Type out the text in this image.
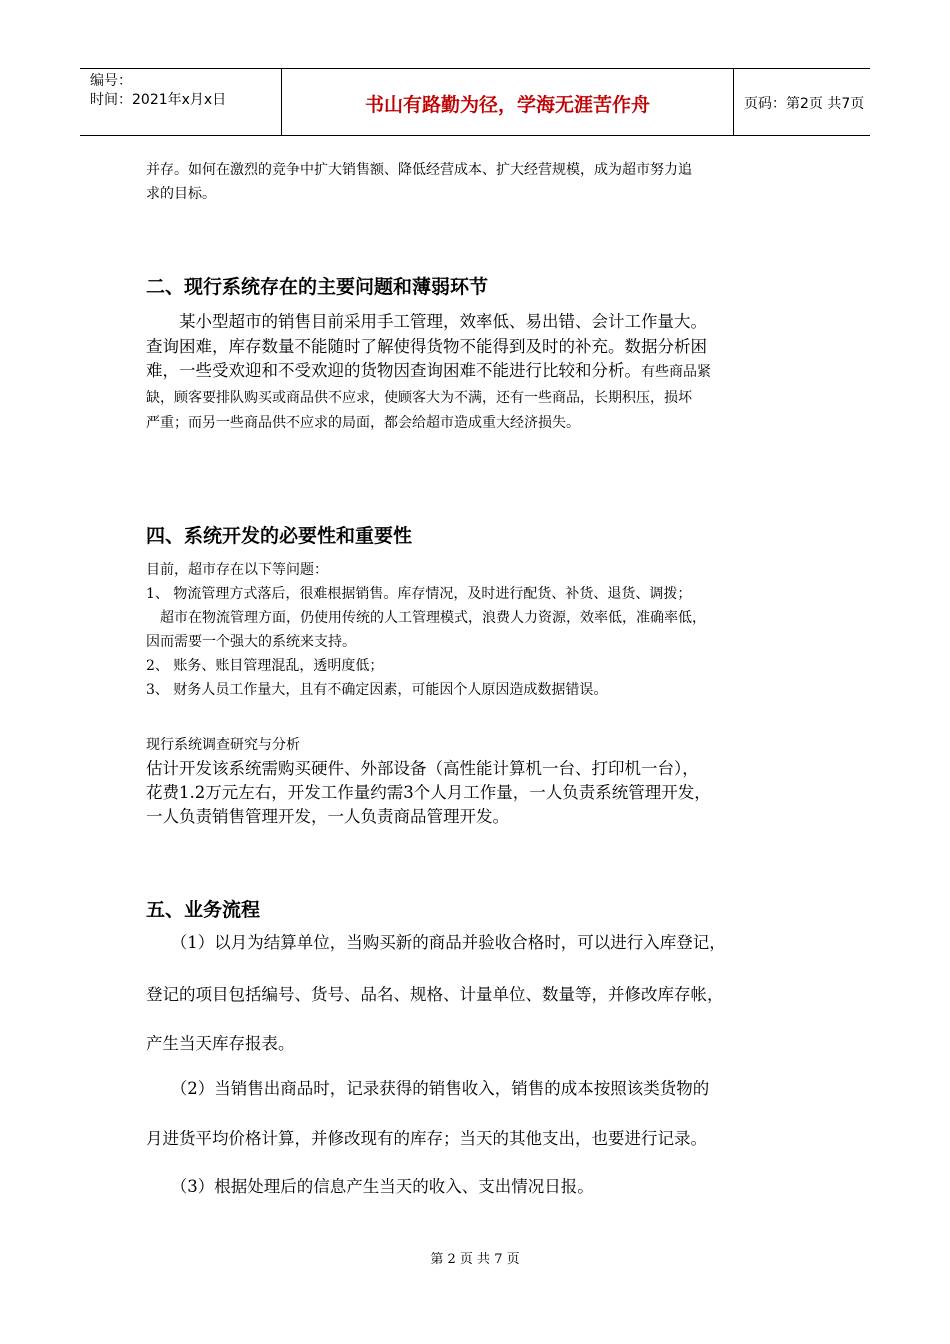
编号：
时间：2021年x月x日	书山有路勤为径，学海无涯苦作舟	页码：第2页 共7页

并存。如何在激烈的竞争中扩大销售额、降低经营成本、扩大经营规模，成为超市努力追
求的目标。

二、现行系统存在的主要问题和薄弱环节

　　某小型超市的销售目前采用手工管理，效率低、易出错、会计工作量大。
查询困难，库存数量不能随时了解使得货物不能得到及时的补充。数据分析困
难，一些受欢迎和不受欢迎的货物因查询困难不能进行比较和分析。有些商品紧
缺，顾客要排队购买或商品供不应求，使顾客大为不满，还有一些商品，长期积压，损坏
严重；而另一些商品供不应求的局面，都会给超市造成重大经济损失。

四、系统开发的必要性和重要性

目前，超市存在以下等问题：
1、 物流管理方式落后，很难根据销售。库存情况，及时进行配货、补货、退货、调拨；
　超市在物流管理方面，仍使用传统的人工管理模式，浪费人力资源，效率低，准确率低，
因而需要一个强大的系统来支持。
2、 账务、账目管理混乱，透明度低；
3、 财务人员工作量大，且有不确定因素，可能因个人原因造成数据错误。

现行系统调查研究与分析

估计开发该系统需购买硬件、外部设备（高性能计算机一台、打印机一台），
花费1.2万元左右，开发工作量约需3个人月工作量，一人负责系统管理开发，
一人负责销售管理开发，一人负责商品管理开发。

五、业务流程
　　（1）以月为结算单位，当购买新的商品并验收合格时，可以进行入库登记，
登记的项目包括编号、货号、品名、规格、计量单位、数量等，并修改库存帐，
产生当天库存报表。
　　（2）当销售出商品时，记录获得的销售收入，销售的成本按照该类货物的
月进货平均价格计算，并修改现有的库存；当天的其他支出，也要进行记录。
　　（3）根据处理后的信息产生当天的收入、支出情况日报。
第 2 页 共 7 页
